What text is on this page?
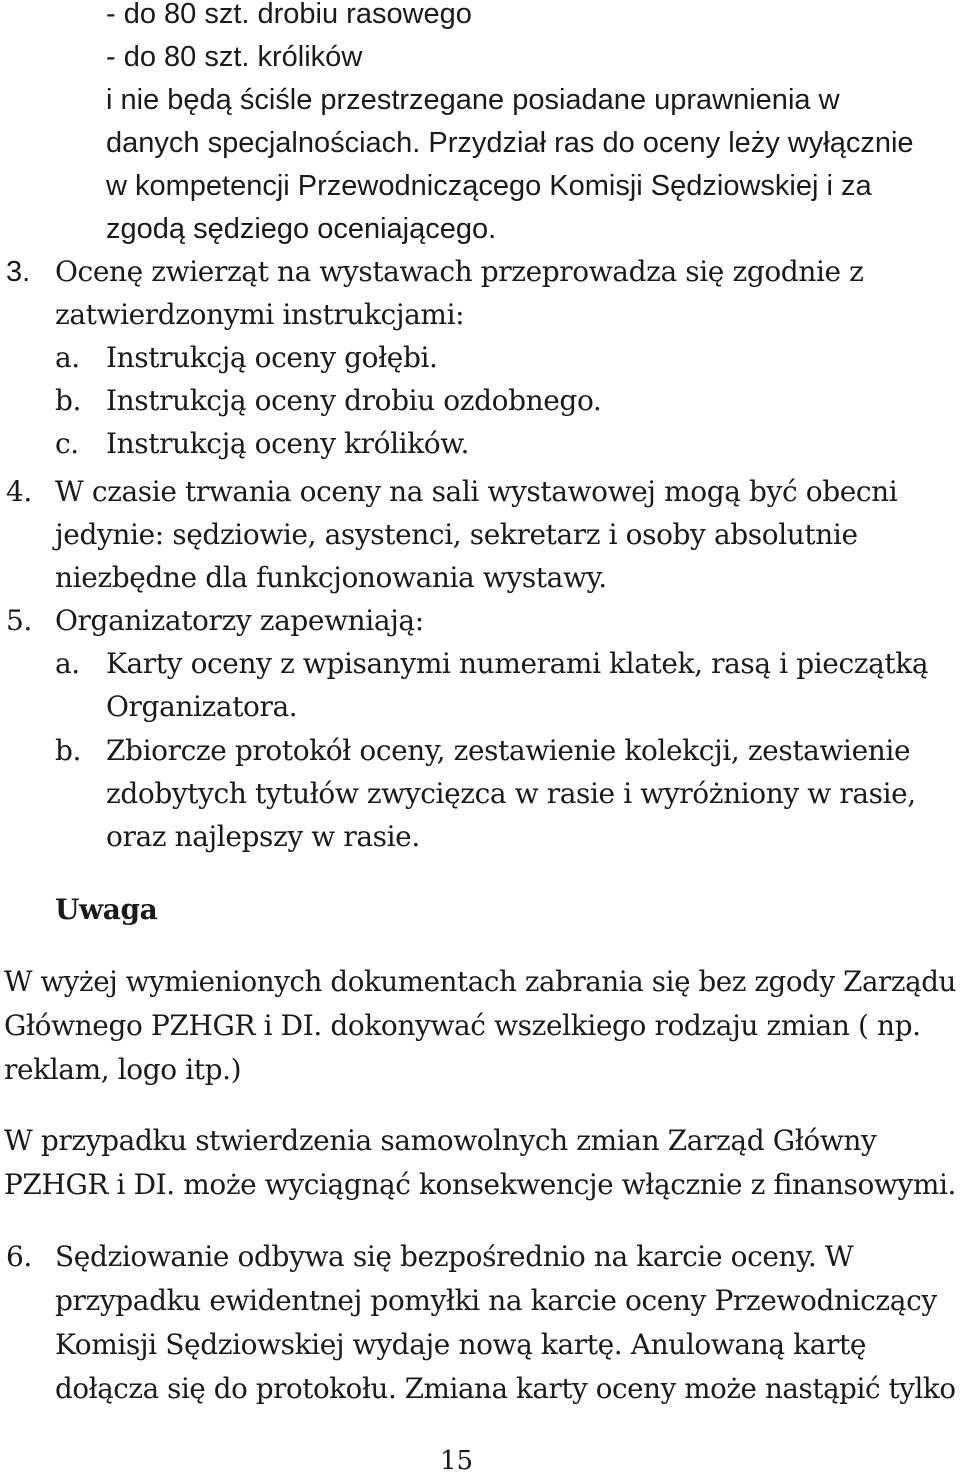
- do 80 szt. drobiu rasowego
- do 80 szt. królików
i nie będą ściśle przestrzegane posiadane uprawnienia w
danych specjalnościach. Przydział ras do oceny leży wyłącznie
w kompetencji Przewodniczącego Komisji Sędziowskiej i za
zgodą sędziego oceniającego.
3. Ocenę zwierząt na wystawach przeprowadza się zgodnie z
zatwierdzonymi instrukcjami:
a. Instrukcją oceny gołębi.
b. Instrukcją oceny drobiu ozdobnego.
c. Instrukcją oceny królików.
4. W czasie trwania oceny na sali wystawowej mogą być obecni
jedynie: sędziowie, asystenci, sekretarz i osoby absolutnie
niezbędne dla funkcjonowania wystawy.
5. Organizatorzy zapewniają:
a. Karty oceny z wpisanymi numerami klatek, rasą i pieczątką
Organizatora.
b. Zbiorcze protokół oceny, zestawienie kolekcji, zestawienie
zdobytych tytułów zwycięzca w rasie i wyróżniony w rasie,
oraz najlepszy w rasie.
Uwaga
W wyżej wymienionych dokumentach zabrania się bez zgody Zarządu
Głównego PZHGR i DI. dokonywać wszelkiego rodzaju zmian ( np.
reklam, logo itp.)
W przypadku stwierdzenia samowolnych zmian Zarząd Główny
PZHGR i DI. może wyciągnąć konsekwencje włącznie z finansowymi.
6. Sędziowanie odbywa się bezpośrednio na karcie oceny. W
przypadku ewidentnej pomyłki na karcie oceny Przewodniczący
Komisji Sędziowskiej wydaje nową kartę. Anulowaną kartę
dołącza się do protokołu. Zmiana karty oceny może nastąpić tylko
15
